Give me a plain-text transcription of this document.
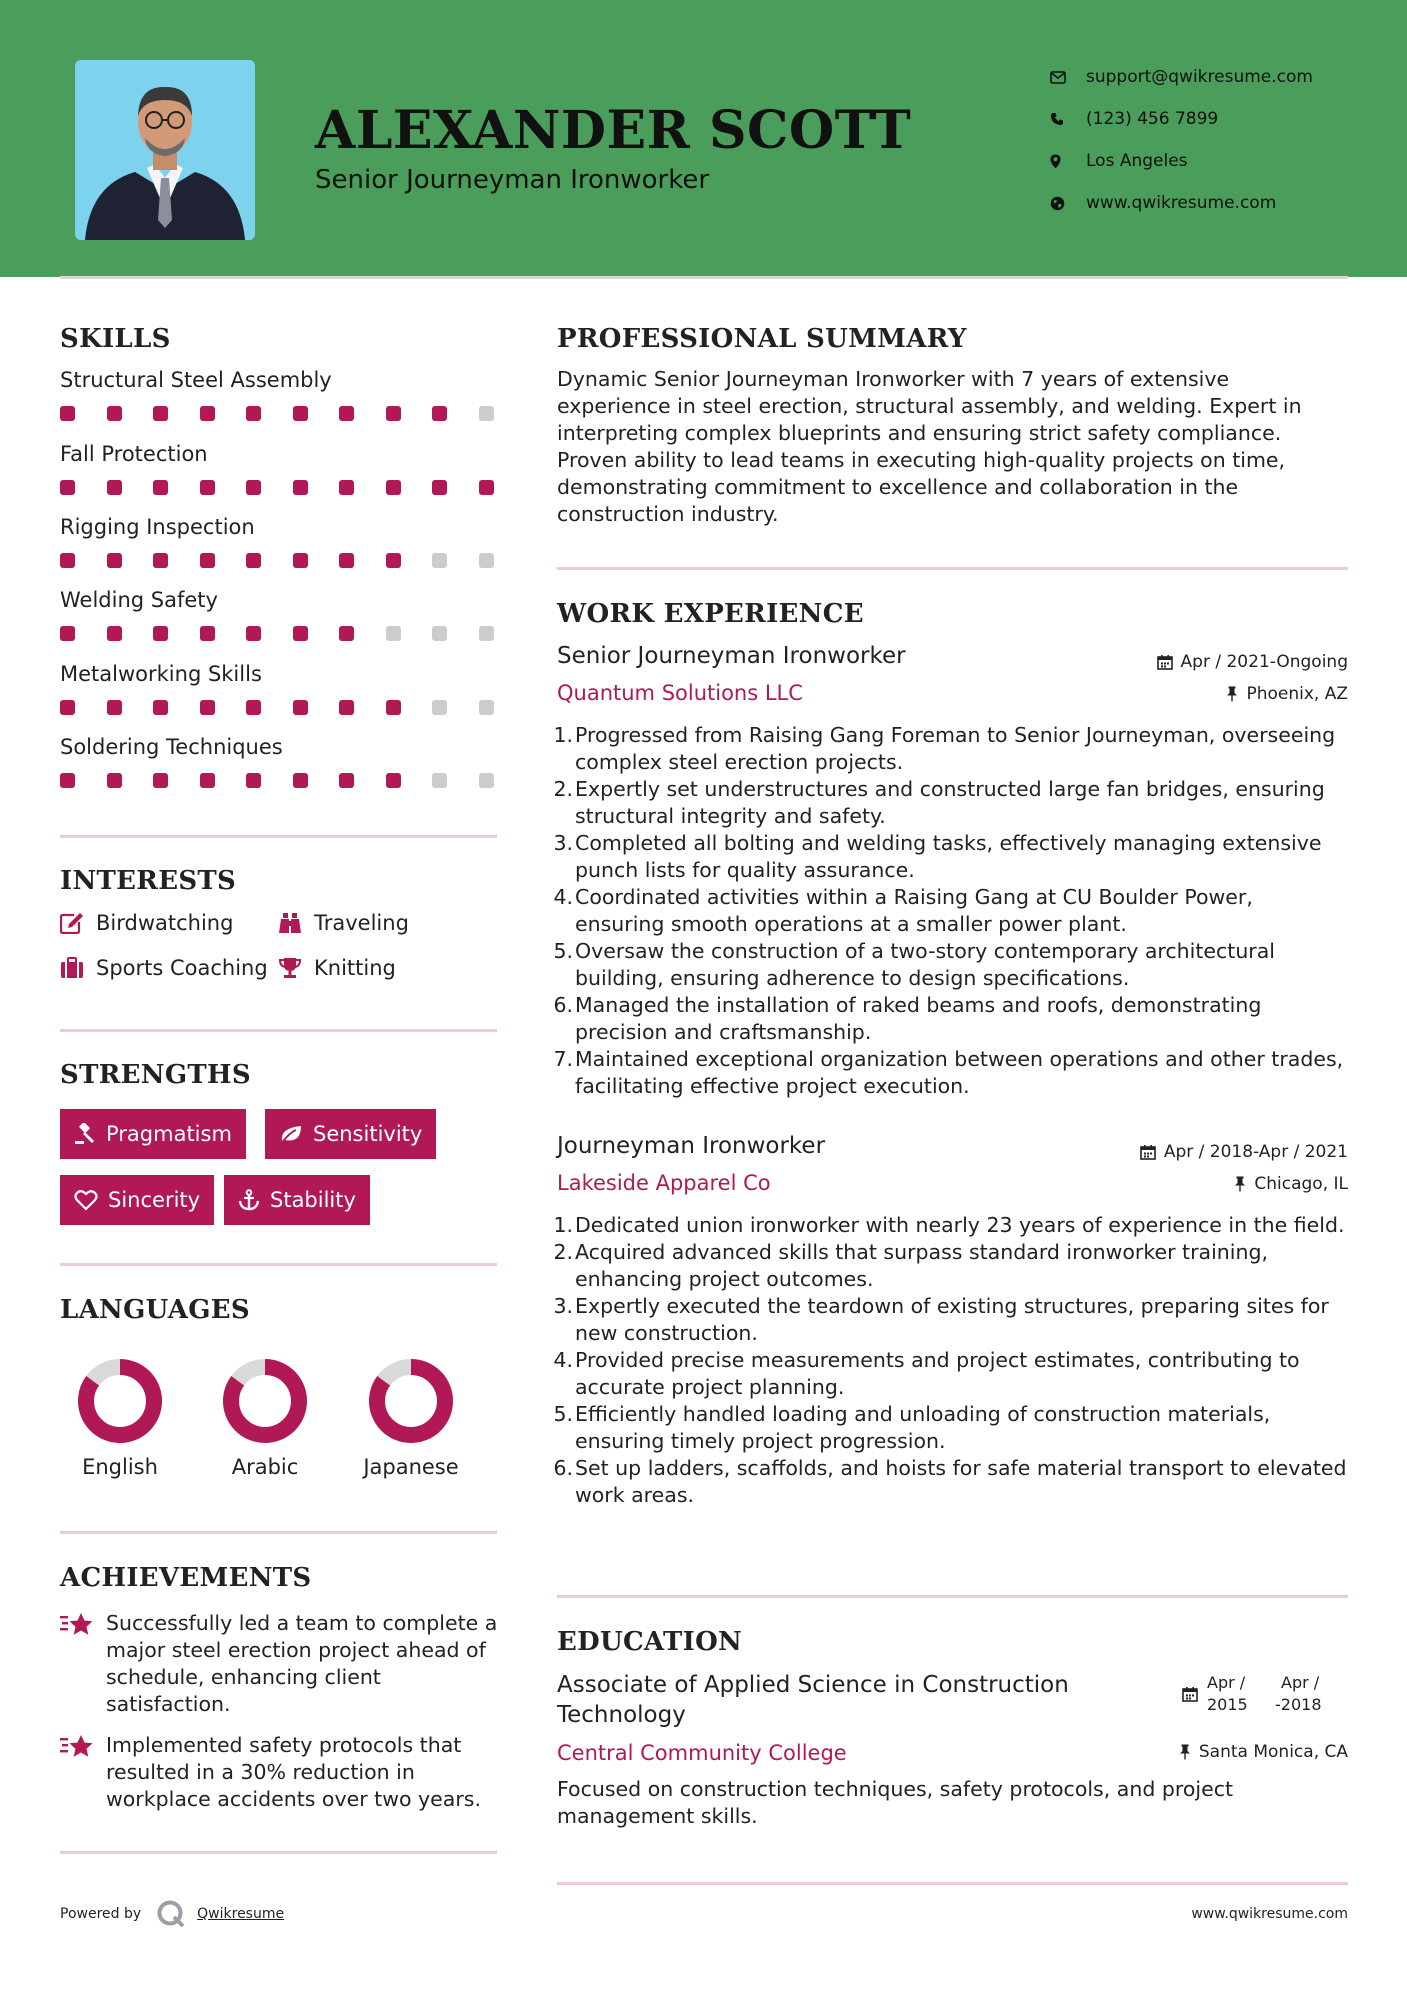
ALEXANDER SCOTT
Senior Journeyman Ironworker
support@qwikresume.com
(123) 456 7899
Los Angeles
www.qwikresume.com
SKILLS
Structural Steel Assembly
Fall Protection
Rigging Inspection
Welding Safety
Metalworking Skills
Soldering Techniques
INTERESTS
Birdwatching	Traveling
Sports Coaching Knitting
STRENGTHS
Pragmatism	Sensitivity
Sincerity	Stability
LANGUAGES
English	Arabic	Japanese
ACHIEVEMENTS
Successfully led a team to complete a major steel erection project ahead of schedule, enhancing client satisfaction.
Implemented safety protocols that resulted in a 30% reduction in workplace accidents over two years.
PROFESSIONAL SUMMARY
Dynamic Senior Journeyman Ironworker with 7 years of extensive experience in steel erection, structural assembly, and welding. Expert in interpreting complex blueprints and ensuring strict safety compliance. Proven ability to lead teams in executing high-quality projects on time, demonstrating commitment to excellence and collaboration in the construction industry.
WORK EXPERIENCE
Senior Journeyman Ironworker	Apr / 2021-Ongoing
Quantum Solutions LLC	Phoenix, AZ
1. Progressed from Raising Gang Foreman to Senior Journeyman, overseeing complex steel erection projects.
2. Expertly set understructures and constructed large fan bridges, ensuring structural integrity and safety.
3. Completed all bolting and welding tasks, effectively managing extensive punch lists for quality assurance.
4. Coordinated activities within a Raising Gang at CU Boulder Power, ensuring smooth operations at a smaller power plant.
5. Oversaw the construction of a two-story contemporary architectural building, ensuring adherence to design specifications.
6. Managed the installation of raked beams and roofs, demonstrating precision and craftsmanship.
7. Maintained exceptional organization between operations and other trades, facilitating effective project execution.
Journeyman Ironworker	Apr / 2018-Apr / 2021
Lakeside Apparel Co	Chicago, IL
1. Dedicated union ironworker with nearly 23 years of experience in the field.
2. Acquired advanced skills that surpass standard ironworker training, enhancing project outcomes.
3. Expertly executed the teardown of existing structures, preparing sites for new construction.
4. Provided precise measurements and project estimates, contributing to accurate project planning.
5. Efficiently handled loading and unloading of construction materials, ensuring timely project progression.
6. Set up ladders, scaffolds, and hoists for safe material transport to elevated work areas.
EDUCATION
Associate of Applied Science in Construction Technology
Apr /
2015
Apr /
-2018
Central Community College	Santa Monica, CA
Focused on construction techniques, safety protocols, and project management skills.
Powered by	Qwikresume	www.qwikresume.com
